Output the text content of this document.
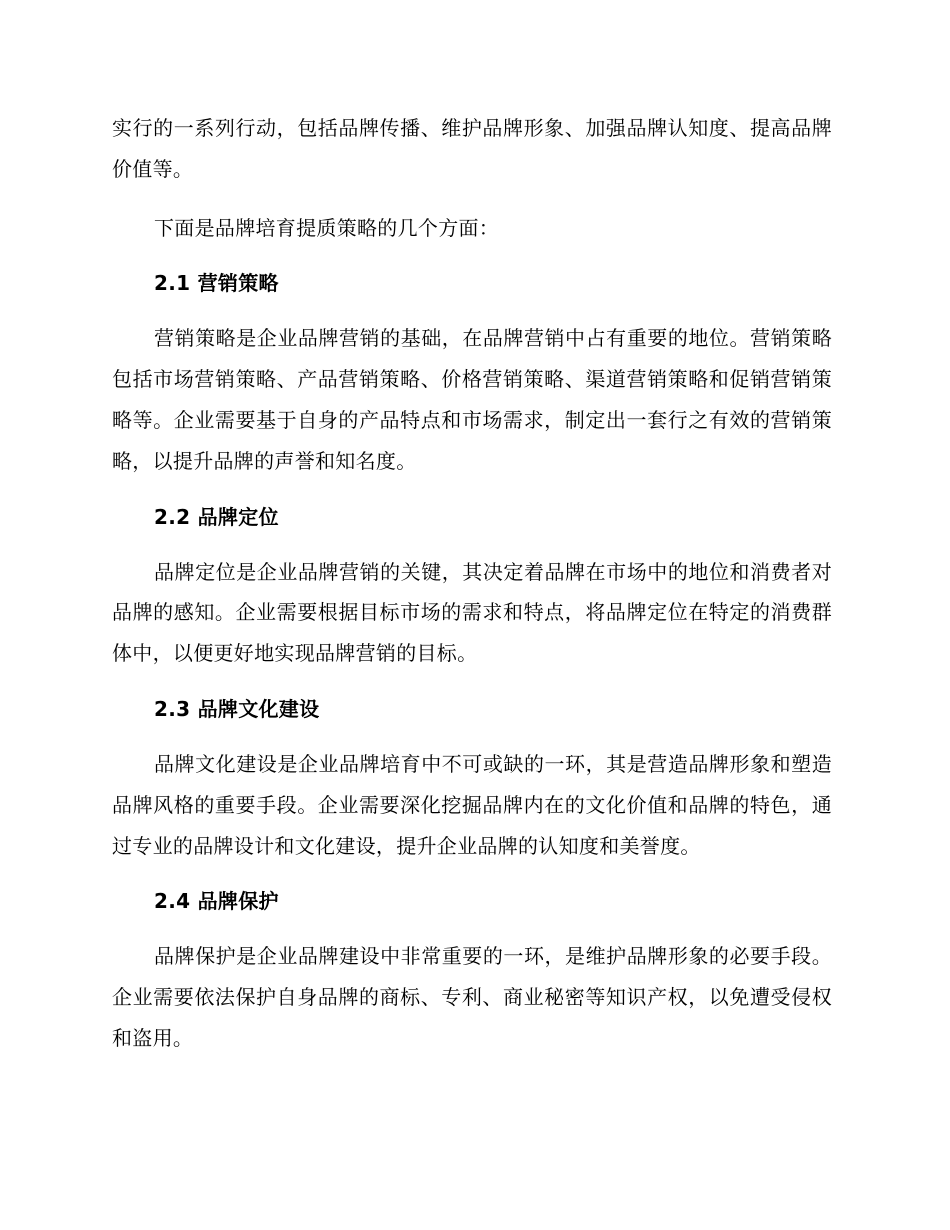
实行的一系列行动，包括品牌传播、维护品牌形象、加强品牌认知度、提高品牌价值等。

下面是品牌培育提质策略的几个方面：

2.1 营销策略

营销策略是企业品牌营销的基础，在品牌营销中占有重要的地位。营销策略包括市场营销策略、产品营销策略、价格营销策略、渠道营销策略和促销营销策略等。企业需要基于自身的产品特点和市场需求，制定出一套行之有效的营销策略，以提升品牌的声誉和知名度。

2.2 品牌定位

品牌定位是企业品牌营销的关键，其决定着品牌在市场中的地位和消费者对品牌的感知。企业需要根据目标市场的需求和特点，将品牌定位在特定的消费群体中，以便更好地实现品牌营销的目标。

2.3 品牌文化建设

品牌文化建设是企业品牌培育中不可或缺的一环，其是营造品牌形象和塑造品牌风格的重要手段。企业需要深化挖掘品牌内在的文化价值和品牌的特色，通过专业的品牌设计和文化建设，提升企业品牌的认知度和美誉度。

2.4 品牌保护

品牌保护是企业品牌建设中非常重要的一环，是维护品牌形象的必要手段。企业需要依法保护自身品牌的商标、专利、商业秘密等知识产权，以免遭受侵权和盗用。
